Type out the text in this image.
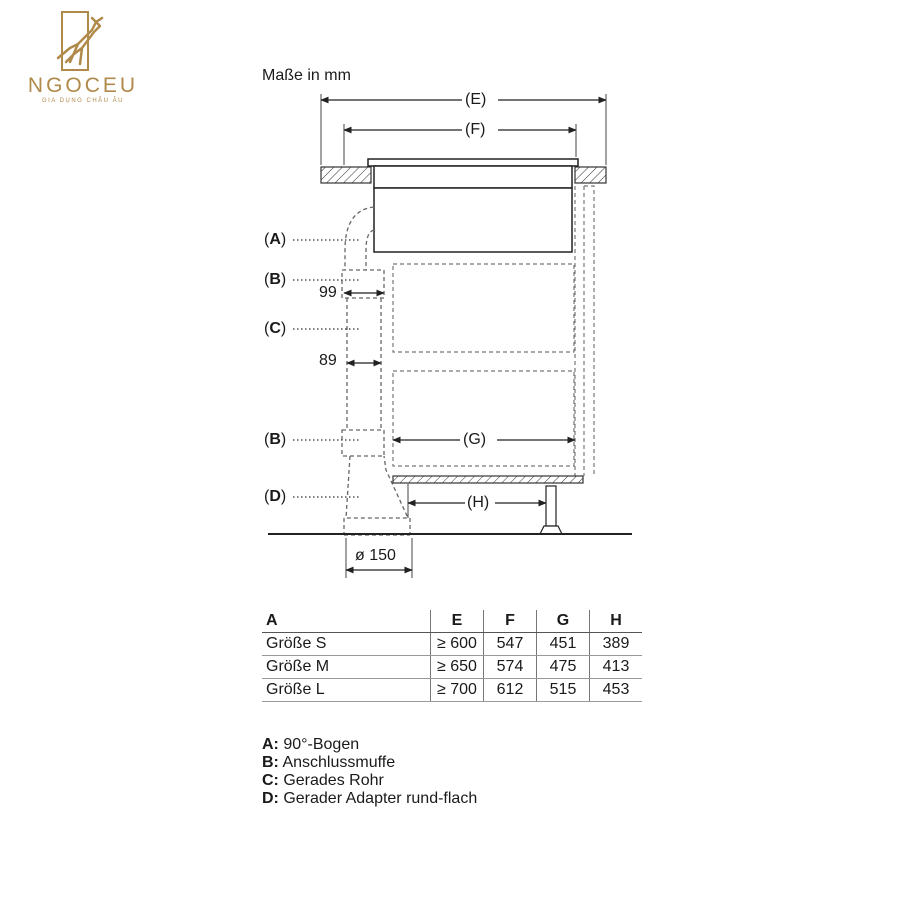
NGOCEU
GIA DỤNG CHÂU ÂU
Maße in mm
(E)
(F)
99
89
(G)
(H)
ø 150
(A)
(B)
(C)
(B)
(D)
A	E	F	G	H
Größe S	≥ 600	547	451	389
Größe M	≥ 650	574	475	413
Größe L	≥ 700	612	515	453
A: 90°-Bogen
B: Anschlussmuffe
C: Gerades Rohr
D: Gerader Adapter rund-flach
